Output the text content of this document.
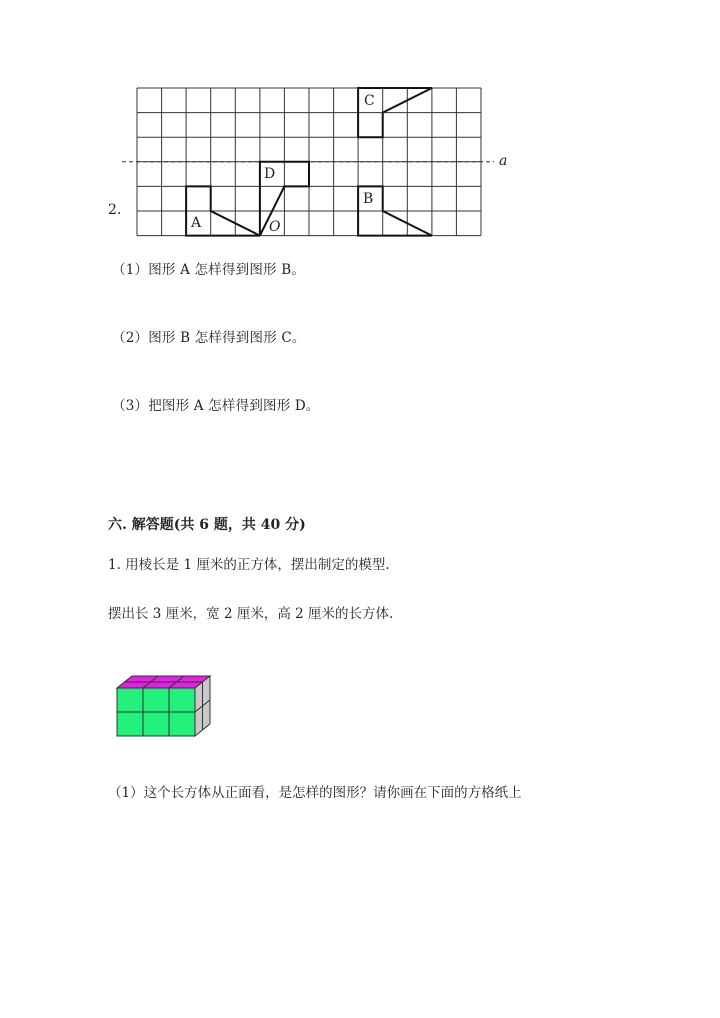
2.
a
A
D
O
B
C
（1）图形 A 怎样得到图形 B。
（2）图形 B 怎样得到图形 C。
（3）把图形 A 怎样得到图形 D。
六. 解答题(共 6 题，共 40 分)
1. 用棱长是 1 厘米的正方体，摆出制定的模型.
摆出长 3 厘米，宽 2 厘米，高 2 厘米的长方体.
（1）这个长方体从正面看，是怎样的图形？请你画在下面的方格纸上
